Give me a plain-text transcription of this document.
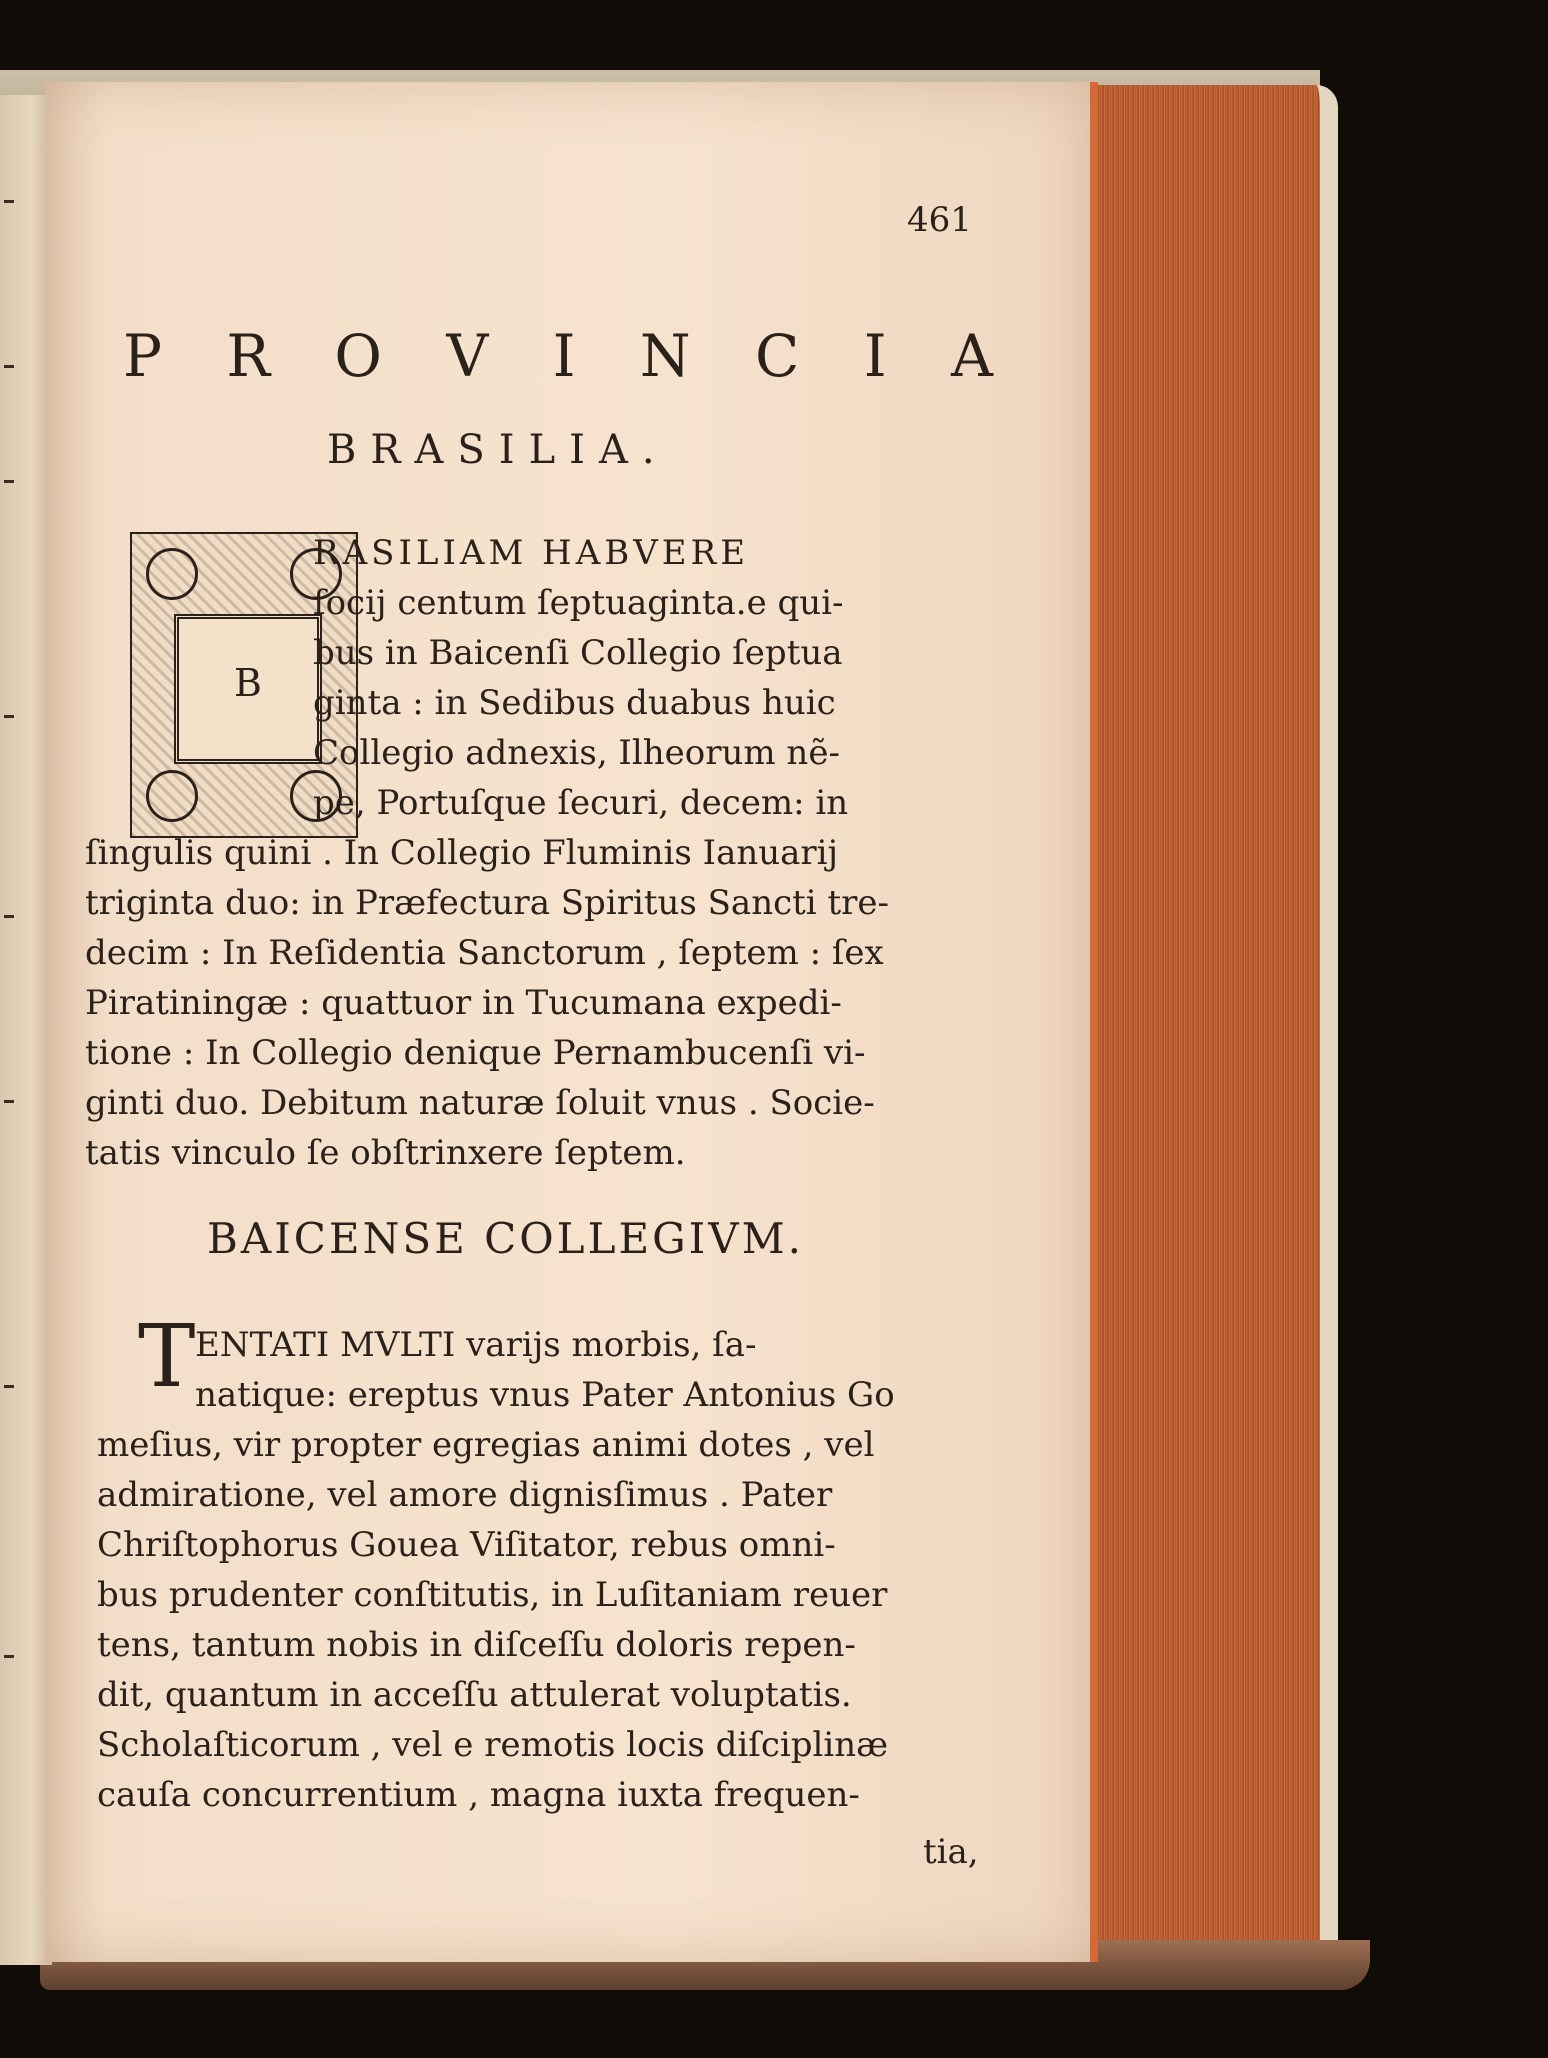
461
P R O V I N C I A
BRASILIA.
B
RASILIAM HABVERE
ſocij centum ſeptuaginta.e qui-
bus in Baicenſi Collegio ſeptua
ginta : in Sedibus duabus huic
Collegio adnexis, Ilheorum nẽ-
pe, Portuſque ſecuri, decem: in
ſingulis quini . In Collegio Fluminis Ianuarij
triginta duo: in Præfectura Spiritus Sancti tre-
decim : In Reſidentia Sanctorum , ſeptem : ſex
Piratiningæ : quattuor in Tucumana expedi-
tione : In Collegio denique Pernambucenſi vi-
ginti duo. Debitum naturæ ſoluit vnus . Socie-
tatis vinculo ſe obſtrinxere ſeptem.
BAICENSE COLLEGIVM.
T ENTATI MVLTI varijs morbis, ſa-
natique: ereptus vnus Pater Antonius Go
meſius, vir propter egregias animi dotes , vel
admiratione, vel amore dignisſimus . Pater
Chriſtophorus Gouea Viſitator, rebus omni-
bus prudenter conſtitutis, in Luſitaniam reuer
tens, tantum nobis in diſceſſu doloris repen-
dit, quantum in acceſſu attulerat voluptatis.
Scholaſticorum , vel e remotis locis diſciplinæ
cauſa concurrentium , magna iuxta frequen-
tia,
